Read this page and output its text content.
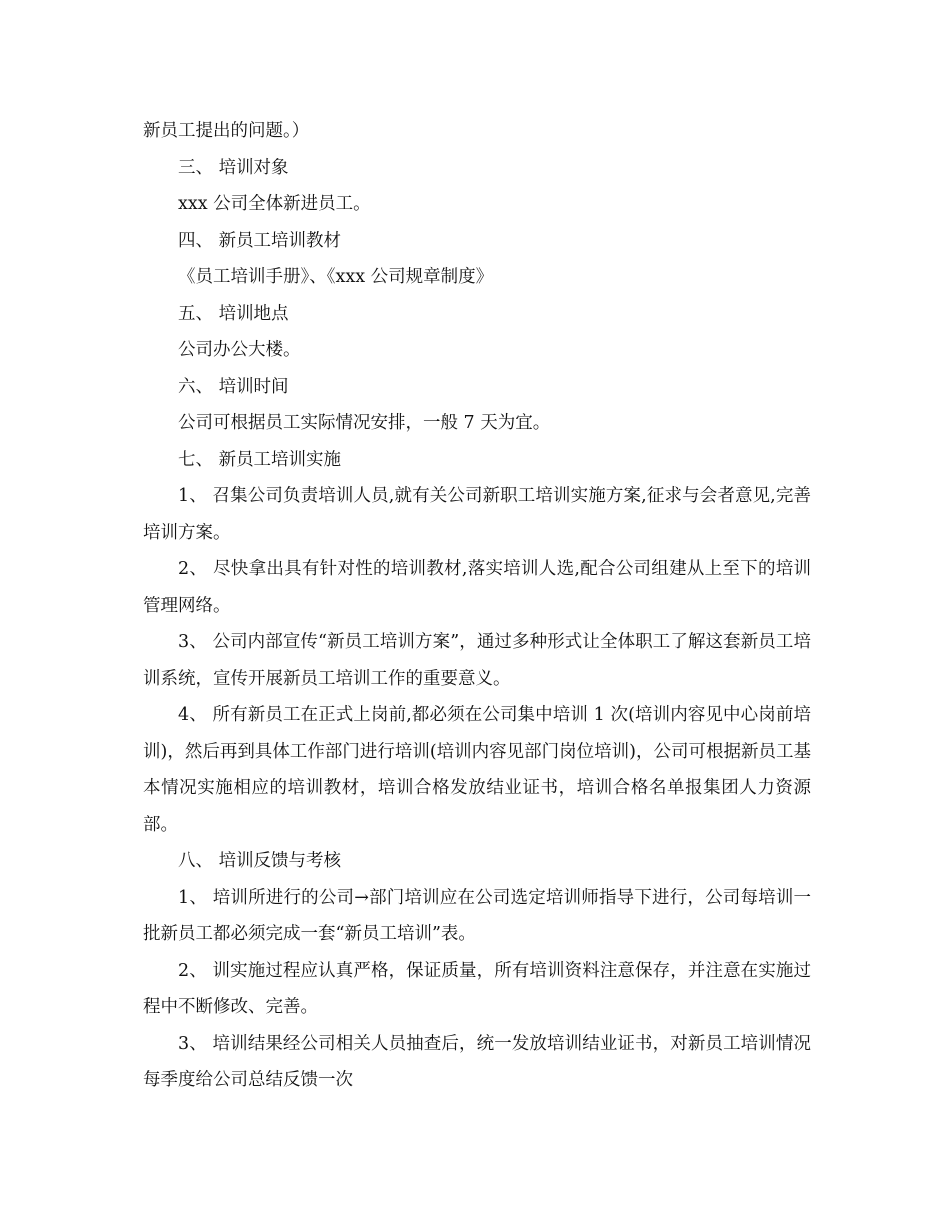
新员工提出的问题。）

三、 培训对象

xxx 公司全体新进员工。

四、 新员工培训教材

《员工培训手册》、《xxx 公司规章制度》

五、 培训地点

公司办公大楼。

六、 培训时间

公司可根据员工实际情况安排，一般 7 天为宜。

七、 新员工培训实施

1、 召集公司负责培训人员,就有关公司新职工培训实施方案,征求与会者意见,完善培训方案。

2、 尽快拿出具有针对性的培训教材,落实培训人选,配合公司组建从上至下的培训管理网络。

3、 公司内部宣传“新员工培训方案”，通过多种形式让全体职工了解这套新员工培训系统，宣传开展新员工培训工作的重要意义。

4、 所有新员工在正式上岗前,都必须在公司集中培训 1 次(培训内容见中心岗前培训)，然后再到具体工作部门进行培训(培训内容见部门岗位培训)，公司可根据新员工基本情况实施相应的培训教材，培训合格发放结业证书，培训合格名单报集团人力资源部。

八、 培训反馈与考核

1、 培训所进行的公司→部门培训应在公司选定培训师指导下进行，公司每培训一批新员工都必须完成一套“新员工培训”表。

2、 训实施过程应认真严格，保证质量，所有培训资料注意保存，并注意在实施过程中不断修改、完善。

3、 培训结果经公司相关人员抽查后，统一发放培训结业证书，对新员工培训情况每季度给公司总结反馈一次
